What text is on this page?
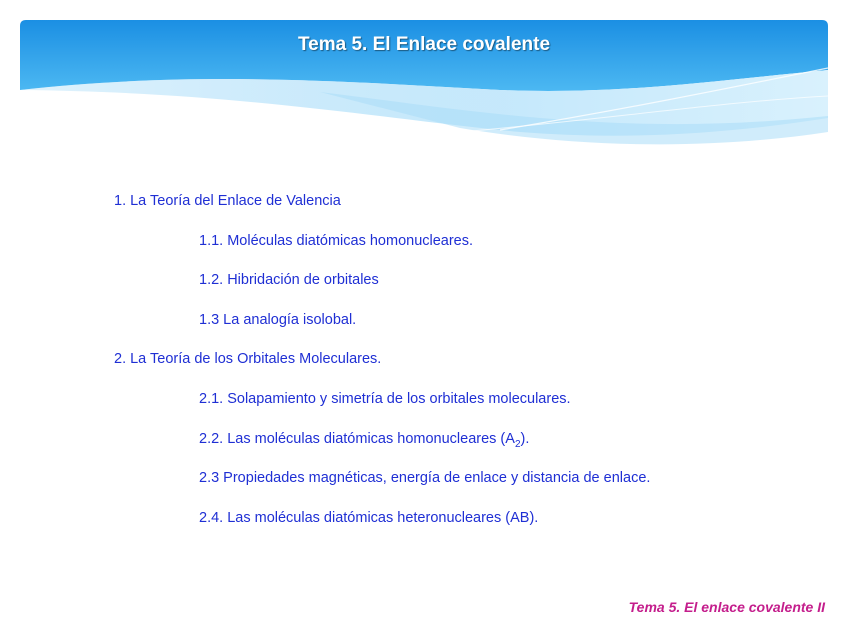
Tema 5. El Enlace covalente
1. La Teoría del Enlace de Valencia
1.1. Moléculas diatómicas homonucleares.
1.2. Hibridación de orbitales
1.3 La analogía isolobal.
2. La Teoría de los Orbitales Moleculares.
2.1. Solapamiento y simetría de los orbitales moleculares.
2.2. Las moléculas diatómicas homonucleares $(A_2)$.
2.3 Propiedades magnéticas, energía de enlace y distancia de enlace.
2.4. Las moléculas diatómicas heteronucleares (AB).
Tema 5. El enlace covalente II
